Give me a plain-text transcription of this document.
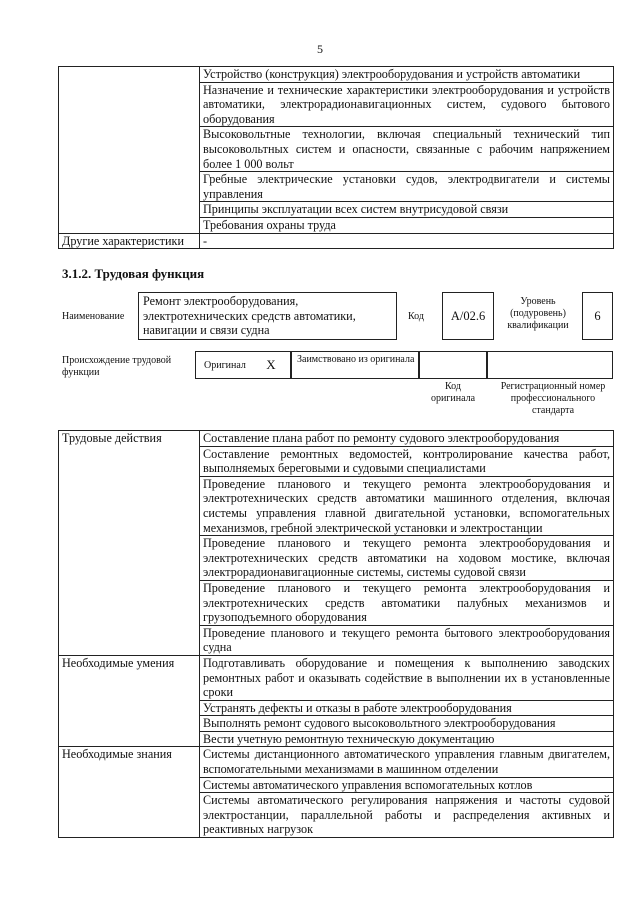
5
	Устройство (конструкция) электрооборудования и устройств автоматики
	Назначение и технические характеристики электрооборудования и устройств автоматики, электрорадионавигационных систем, судового бытового оборудования
	Высоковольтные технологии, включая специальный технический тип высоковольтных систем и опасности, связанные с рабочим напряжением более 1 000 вольт
	Гребные электрические установки судов, электродвигатели и системы управления
	Принципы эксплуатации всех систем внутрисудовой связи
	Требования охраны труда
Другие характеристики	-
3.1.2. Трудовая функция
Наименование
Ремонт электрооборудования, электротехнических средств автоматики, навигации и связи судна
Код	А/02.6
Уровень (подуровень) квалификации
6
Происхождение трудовой функции
Оригинал	X	Заимствовано из оригинала
Код оригинала
Регистрационный номер профессионального стандарта
Трудовые действия	Составление плана работ по ремонту судового электрооборудования
	Составление ремонтных ведомостей, контролирование качества работ, выполняемых береговыми и судовыми специалистами
	Проведение планового и текущего ремонта электрооборудования и электротехнических средств автоматики машинного отделения, включая системы управления главной двигательной установки, вспомогательных механизмов, гребной электрической установки и электростанции
	Проведение планового и текущего ремонта электрооборудования и электротехнических средств автоматики на ходовом мостике, включая электрорадионавигационные системы, системы судовой связи
	Проведение планового и текущего ремонта электрооборудования и электротехнических средств автоматики палубных механизмов и грузоподъемного оборудования
	Проведение планового и текущего ремонта бытового электрооборудования судна
Необходимые умения	Подготавливать оборудование и помещения к выполнению заводских ремонтных работ и оказывать содействие в выполнении их в установленные сроки
	Устранять дефекты и отказы в работе электрооборудования
	Выполнять ремонт судового высоковольтного электрооборудования
	Вести учетную ремонтную техническую документацию
Необходимые знания	Системы дистанционного автоматического управления главным двигателем, вспомогательными механизмами в машинном отделении
	Системы автоматического управления вспомогательных котлов
	Системы автоматического регулирования напряжения и частоты судовой электростанции, параллельной работы и распределения активных и реактивных нагрузок
